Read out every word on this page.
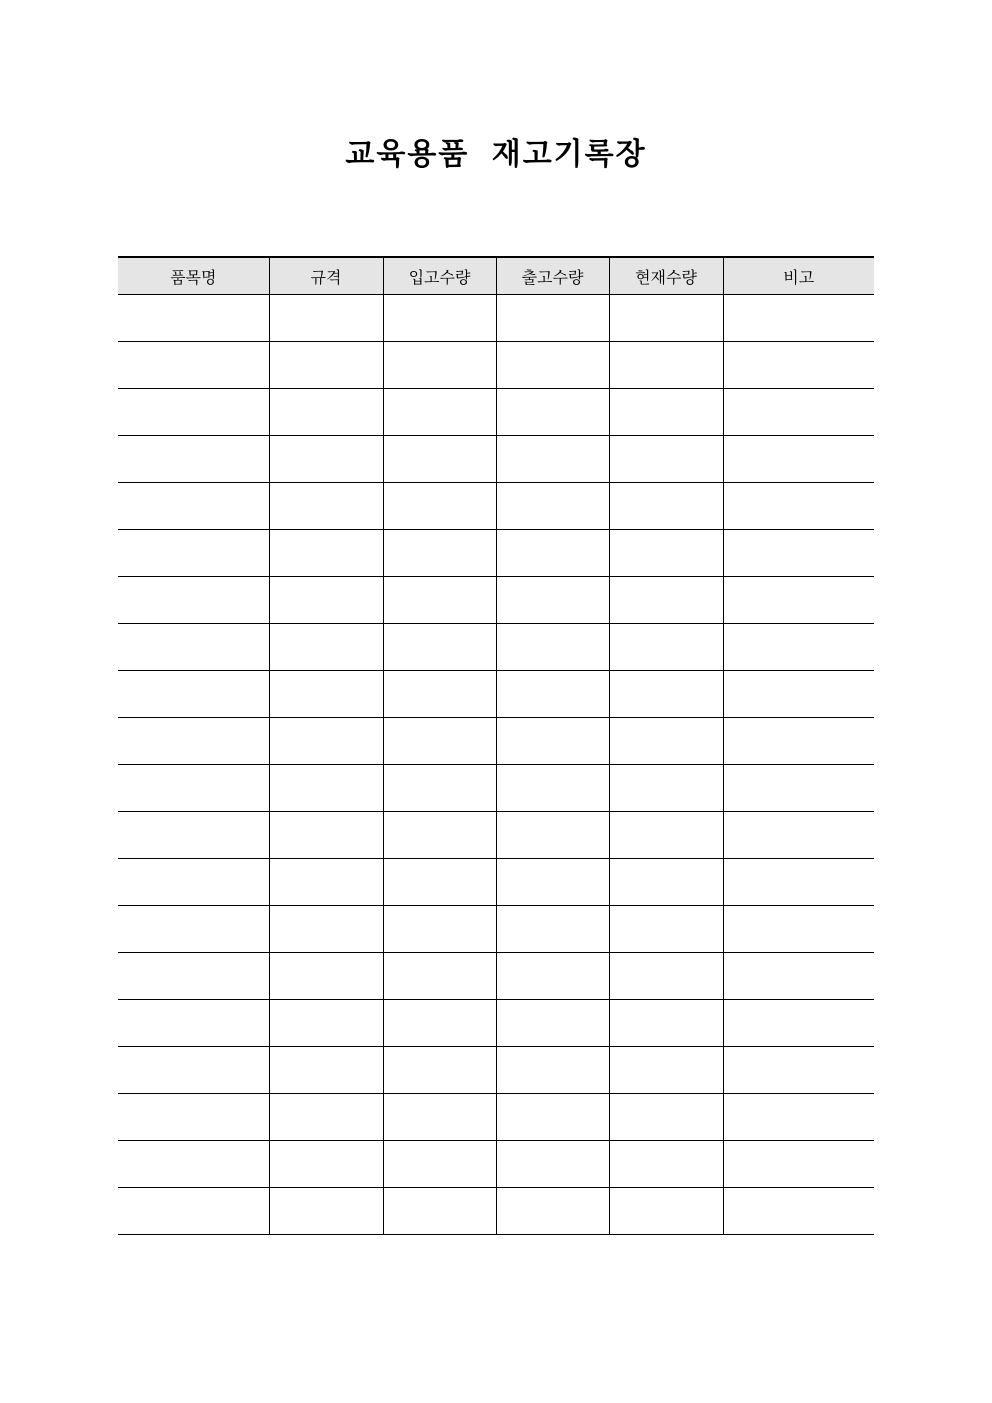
교육용품 재고기록장
품목명	규격	입고수량	출고수량	현재수량	비고
